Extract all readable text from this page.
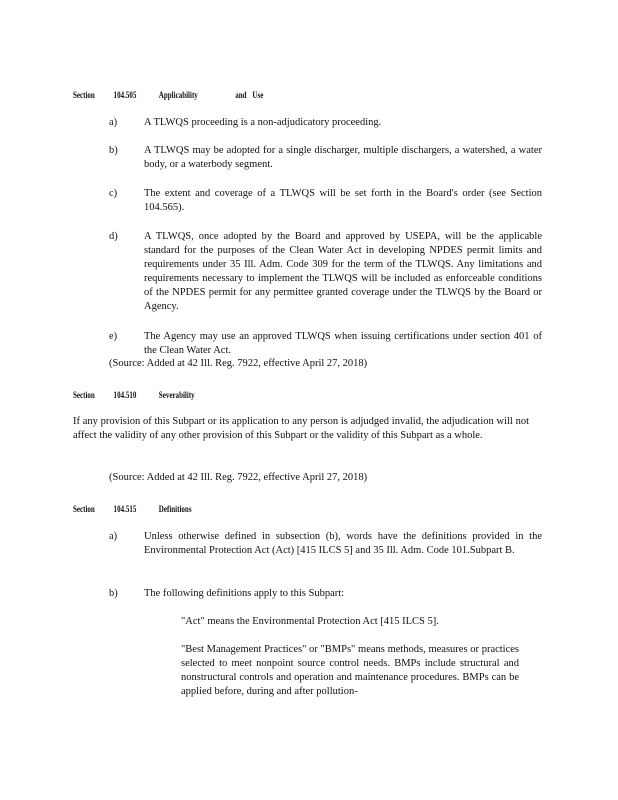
Section 104.505 Applicability	and Use
a)	A TLWQS proceeding is a non-adjudicatory proceeding.
b)	A TLWQS may be adopted for a single discharger, multiple dischargers, a watershed, a water body, or a waterbody segment.
c)	The extent and coverage of a TLWQS will be set forth in the Board's order (see Section 104.565).
d)	A TLWQS, once adopted by the Board and approved by USEPA, will be the applicable standard for the purposes of the Clean Water Act in developing NPDES permit limits and requirements under 35 Ill. Adm. Code 309 for the term of the TLWQS. Any limitations and requirements necessary to implement the TLWQS will be included as enforceable conditions of the NPDES permit for any permittee granted coverage under the TLWQS by the Board or Agency.
e)	The Agency may use an approved TLWQS when issuing certifications under section 401 of the Clean Water Act.
(Source: Added at 42 Ill. Reg. 7922, effective April 27, 2018)
Section 104.510 Severability
If any provision of this Subpart or its application to any person is adjudged invalid, the adjudication will not affect the validity of any other provision of this Subpart or the validity of this Subpart as a whole.
(Source: Added at 42 Ill. Reg. 7922, effective April 27, 2018)
Section 104.515 Definitions
a)	Unless otherwise defined in subsection (b), words have the definitions provided in the Environmental Protection Act (Act) [415 ILCS 5] and 35 Ill. Adm. Code 101.Subpart B.
b)	The following definitions apply to this Subpart:
"Act" means the Environmental Protection Act [415 ILCS 5].
"Best Management Practices" or "BMPs" means methods, measures or practices selected to meet nonpoint source control needs. BMPs include structural and nonstructural controls and operation and maintenance procedures. BMPs can be applied before, during and after pollution-
